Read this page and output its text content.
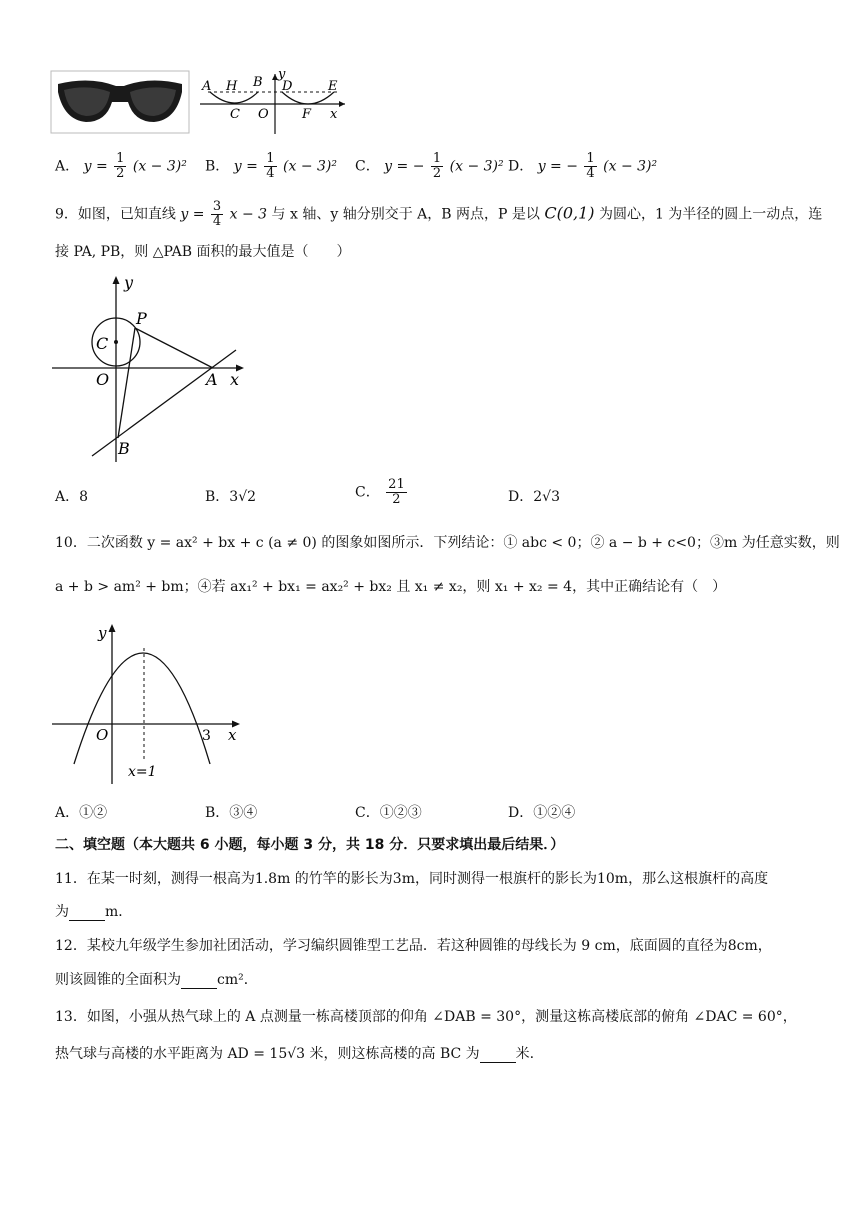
A H B
y
D	E
C O	F x
A． $y = \frac{1}{2} (x - 3)^2$ B． $y = \frac{1}{4} (x - 3)^2$ C． y = − $\frac{1}{2} (x - 3)^2$ D． y = − $\frac{1}{4} (x - 3)^2$
9．如图，已知直线 $y = \frac{3}{4}$ x − 3 与 x 轴、y 轴分别交于 A，B 两点，P 是以 C(0,1) 为圆心，1 为半径的圆上一动点，连
接 PA, PB，则 △PAB 面积的最大值是（　　）
y
P
C
O	A x
B
A．8	B．3√2	C． $\frac{21}{2}$	D．2√3
10．二次函数 y = ax² + bx + c (a ≠ 0) 的图象如图所示．下列结论：① abc < 0；② a − b + c<0；③m 为任意实数，则
a + b > am² + bm；④若 ax₁² + bx₁ = ax₂² + bx₂ 且 x₁ ≠ x₂，则 x₁ + x₂ = 4，其中正确结论有（　）
y
O	3 x
x=1
A．①②	B．③④	C．①②③	D．①②④
二、填空题（本大题共 6 小题，每小题 3 分，共 18 分．只要求填出最后结果．）
11．在某一时刻，测得一根高为1.8m 的竹竿的影长为3m，同时测得一根旗杆的影长为10m，那么这根旗杆的高度
为	m．
12．某校九年级学生参加社团活动，学习编织圆锥型工艺品．若这种圆锥的母线长为 9 cm，底面圆的直径为8cm，
则该圆锥的全面积为	cm²．
13．如图，小强从热气球上的 A 点测量一栋高楼顶部的仰角 ∠DAB = 30°，测量这栋高楼底部的俯角 ∠DAC = 60°，
热气球与高楼的水平距离为 AD = 15√3 米，则这栋高楼的高 BC 为	米.
